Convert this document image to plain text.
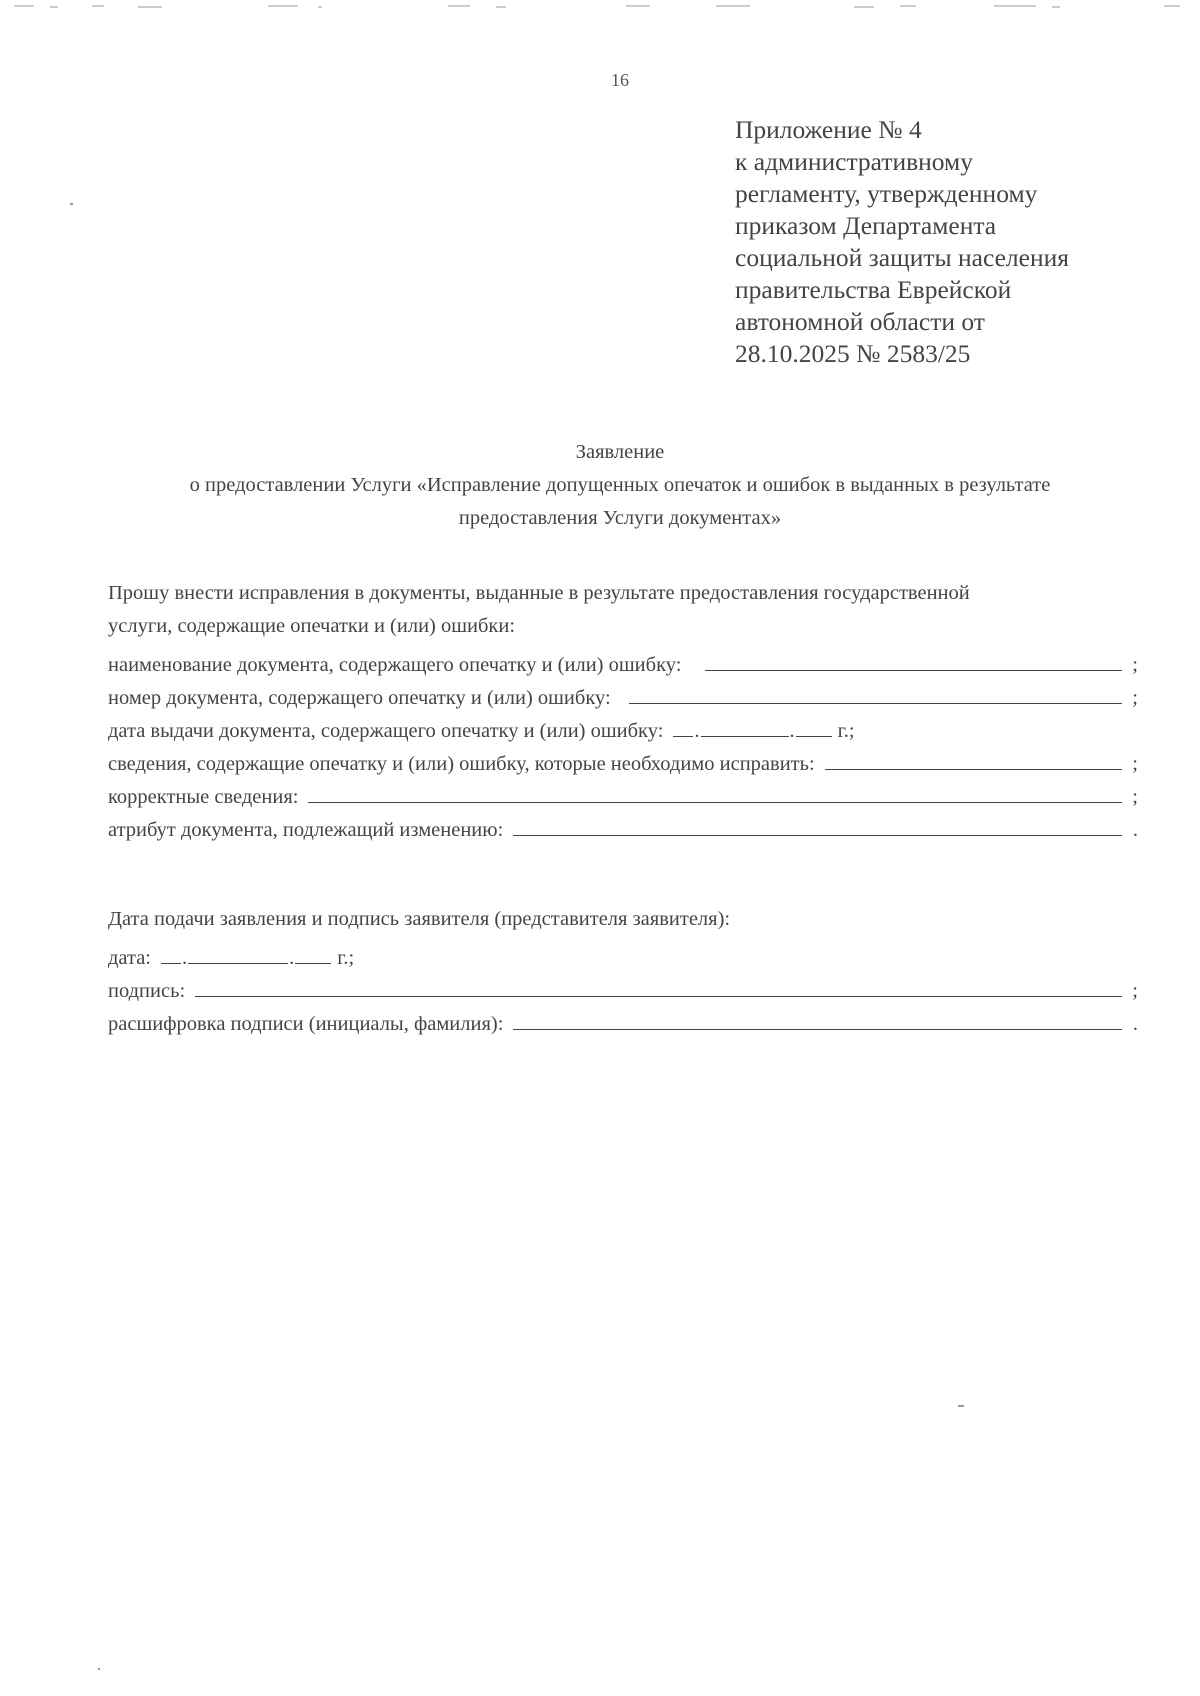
16
Приложение № 4
к административному
регламенту, утвержденному
приказом Департамента
социальной защиты населения
правительства Еврейской
автономной области от
28.10.2025 № 2583/25
Заявление
о предоставлении Услуги «Исправление допущенных опечаток и ошибок в выданных в результате
предоставления Услуги документах»
Прошу внести исправления в документы, выданные в результате предоставления государственной
услуги, содержащие опечатки и (или) ошибки:
наименование документа, содержащего опечатку и (или) ошибку:	;
номер документа, содержащего опечатку и (или) ошибку:	;
дата выдачи документа, содержащего опечатку и (или) ошибку: .	. г.;
сведения, содержащие опечатку и (или) ошибку, которые необходимо исправить:	;
корректные сведения:	;
атрибут документа, подлежащий изменению:	.
Дата подачи заявления и подпись заявителя (представителя заявителя):
дата: .	. г.;
подпись:	;
расшифровка подписи (инициалы, фамилия):	.
